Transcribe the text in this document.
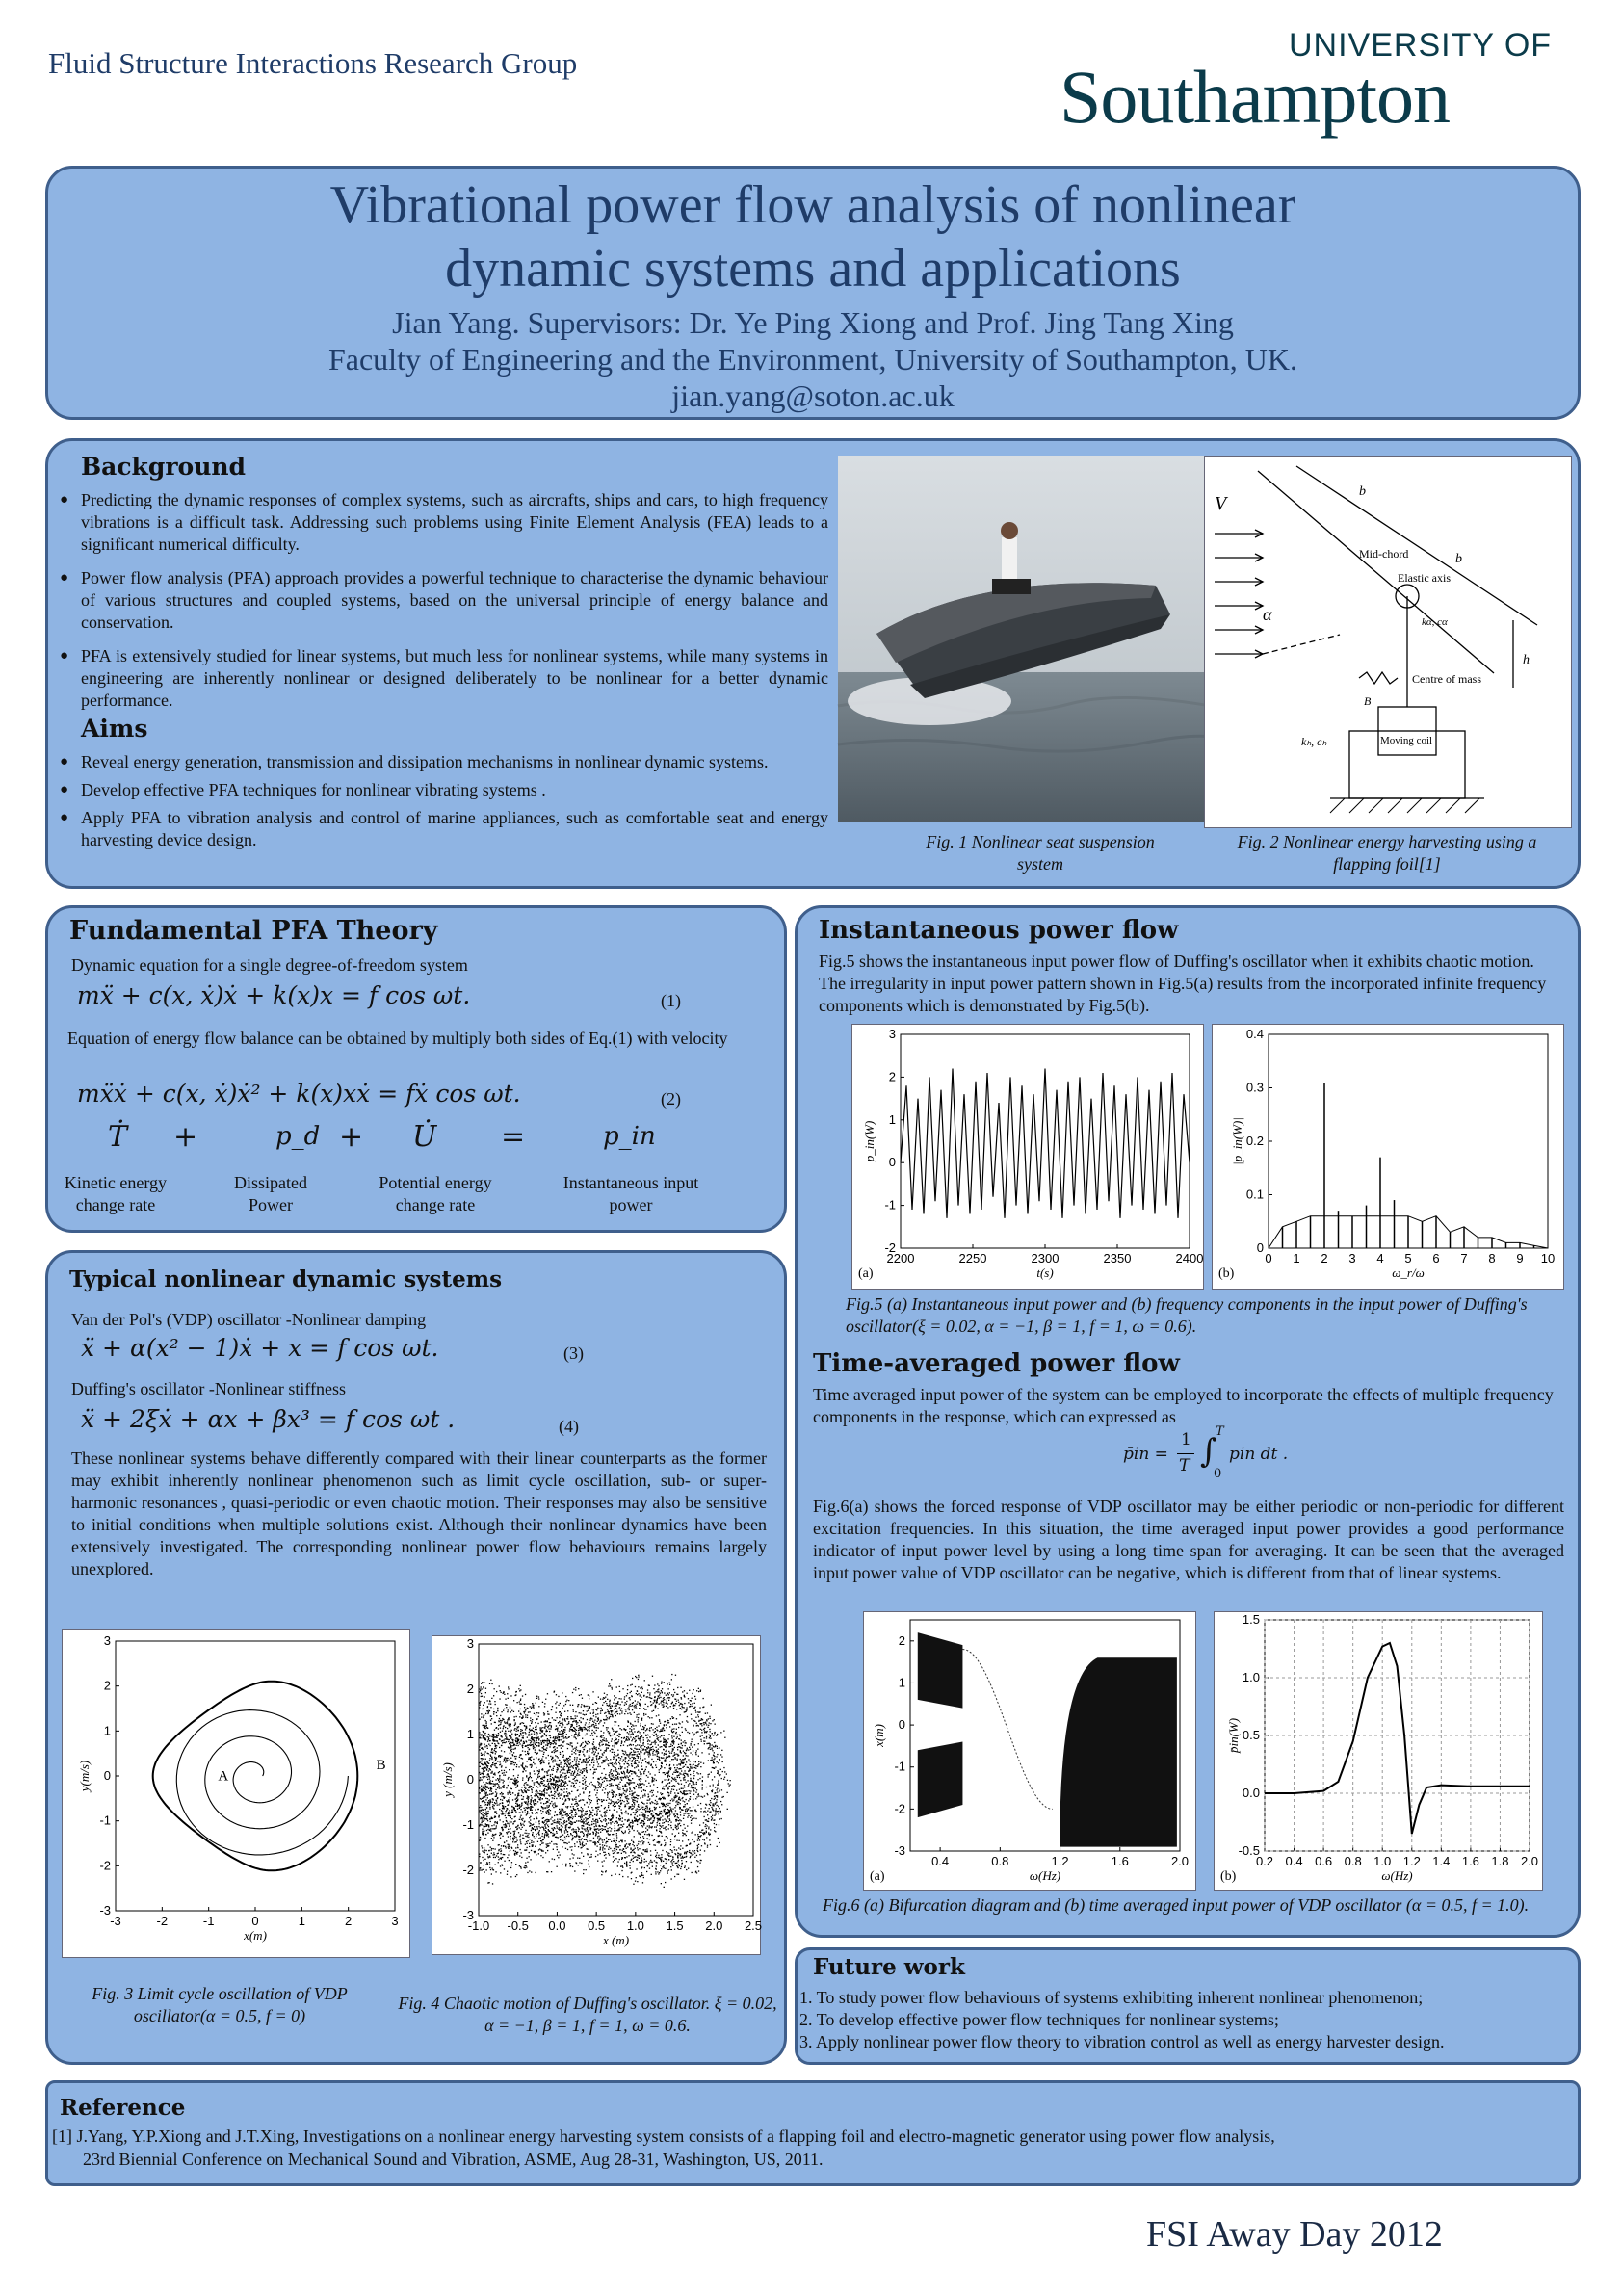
Fluid Structure Interactions Research Group	UNIVERSITY OF
Southampton
Vibrational power flow analysis of nonlinear
dynamic systems and applications
Jian Yang. Supervisors: Dr. Ye Ping Xiong and Prof. Jing Tang Xing
Faculty of Engineering and the Environment, University of Southampton, UK.
jian.yang@soton.ac.uk
Background
● Predicting the dynamic responses of complex systems, such as aircrafts, ships and cars, to high frequency vibrations is a difficult task. Addressing such problems using Finite Element Analysis (FEA) leads to a significant numerical difficulty.
● Power flow analysis (PFA) approach provides a powerful technique to characterise the dynamic behaviour of various structures and coupled systems, based on the universal principle of energy balance and conservation.
● PFA is extensively studied for linear systems, but much less for nonlinear systems, while many systems in engineering are inherently nonlinear or designed deliberately to be nonlinear for a better dynamic performance.
Aims
● Reveal energy generation, transmission and dissipation mechanisms in nonlinear dynamic systems.
● Develop effective PFA techniques for nonlinear vibrating systems .
● Apply PFA to vibration analysis and control of marine appliances, such as comfortable seat and energy harvesting device design.	Fig. 1 Nonlinear seat suspension system
V
b
b
Mid-chord
Elastic axis
α
h
Centre of mass
Moving coil
kₕ, cₕ
kα, cα
B
Fig. 2 Nonlinear energy harvesting using a flapping foil[1]
Fundamental PFA Theory
Dynamic equation for a single degree-of-freedom system
mẍ + c(x, ẋ)ẋ + k(x)x = f cos ωt.	(1)
Equation of energy flow balance can be obtained by multiply both sides of Eq.(1) with velocity
mẍẋ + c(x, ẋ)ẋ² + k(x)xẋ = fẋ cos ωt.	(2)
Ṫ +	p_d + U̇ =	p_in
Kinetic energy change rate
Dissipated Power
Potential energy change rate
Instantaneous input power
Typical nonlinear dynamic systems
Van der Pol's (VDP) oscillator -Nonlinear damping
ẍ + α(x² − 1)ẋ + x = f cos ωt.	(3)
Duffing's oscillator -Nonlinear stiffness
ẍ + 2ξẋ + αx + βx³ = f cos ωt .	(4)
These nonlinear systems behave differently compared with their linear counterparts as the former may exhibit inherently nonlinear phenomenon such as limit cycle oscillation, sub- or super- harmonic resonances , quasi-periodic or even chaotic motion. Their responses may also be sensitive to initial conditions when multiple solutions exist. Although their nonlinear dynamics have been extensively investigated. The corresponding nonlinear power flow behaviours remains largely unexplored.
-3	-2	-1	0	1	2	3
-3
-2
-1
0
1
2
3
x(m)
y(m/s)	A
B
-1.0 -0.5 0.0 0.5 1.0 1.5 2.0 2.5
-3
-2
-1
0
1
2
3
x (m)
y (m/s)
Fig. 3 Limit cycle oscillation of VDP oscillator(α = 0.5, f = 0)
Fig. 4 Chaotic motion of Duffing's oscillator. ξ = 0.02, α = −1, β = 1, f = 1, ω = 0.6.
Instantaneous power flow
Fig.5 shows the instantaneous input power flow of Duffing's oscillator when it exhibits chaotic motion. The irregularity in input power pattern shown in Fig.5(a) results from the incorporated infinite frequency components which is demonstrated by Fig.5(b).
2200	2250	2300	2350	2400
-2
-1
0
1
2
3
t(s)
p_in(W)
(a)
0 1 2 3 4 5 6 7 8 9 10
0
0.1
0.2
0.3
0.4
ω_r/ω
|p_in(W)|
(b)
Fig.5 (a) Instantaneous input power and (b) frequency components in the input power of Duffing's oscillator(ξ = 0.02, α = −1, β = 1, f = 1, ω = 0.6).
Time-averaged power flow
Time averaged input power of the system can be employed to incorporate the effects of multiple frequency components in the response, which can expressed as
p̄in =
1
T ∫
T
0
pin dt .
Fig.6(a) shows the forced response of VDP oscillator may be either periodic or non-periodic for different excitation frequencies. In this situation, the time averaged input power provides a good performance indicator of input power level by using a long time span for averaging. It can be seen that the averaged input power value of VDP oscillator can be negative, which is different from that of linear systems.
0.4	0.8	1.2	1.6	2.0
-3
-2
-1
0
1
2
ω(Hz)
x(m)
(a)
0.2 0.4 0.6 0.8 1.0 1.2 1.4 1.6 1.8 2.0
-0.5
0.0
0.5
1.0
1.5
ω(Hz)
p̄in(W)
(b)
Fig.6 (a) Bifurcation diagram and (b) time averaged input power of VDP oscillator (α = 0.5, f = 1.0).
Future work
1. To study power flow behaviours of systems exhibiting inherent nonlinear phenomenon;
2. To develop effective power flow techniques for nonlinear systems;
3. Apply nonlinear power flow theory to vibration control as well as energy harvester design.
Reference
[1] J.Yang, Y.P.Xiong and J.T.Xing, Investigations on a nonlinear energy harvesting system consists of a flapping foil and electro-magnetic generator using power flow analysis,
23rd Biennial Conference on Mechanical Sound and Vibration, ASME, Aug 28-31, Washington, US, 2011.
FSI Away Day 2012
